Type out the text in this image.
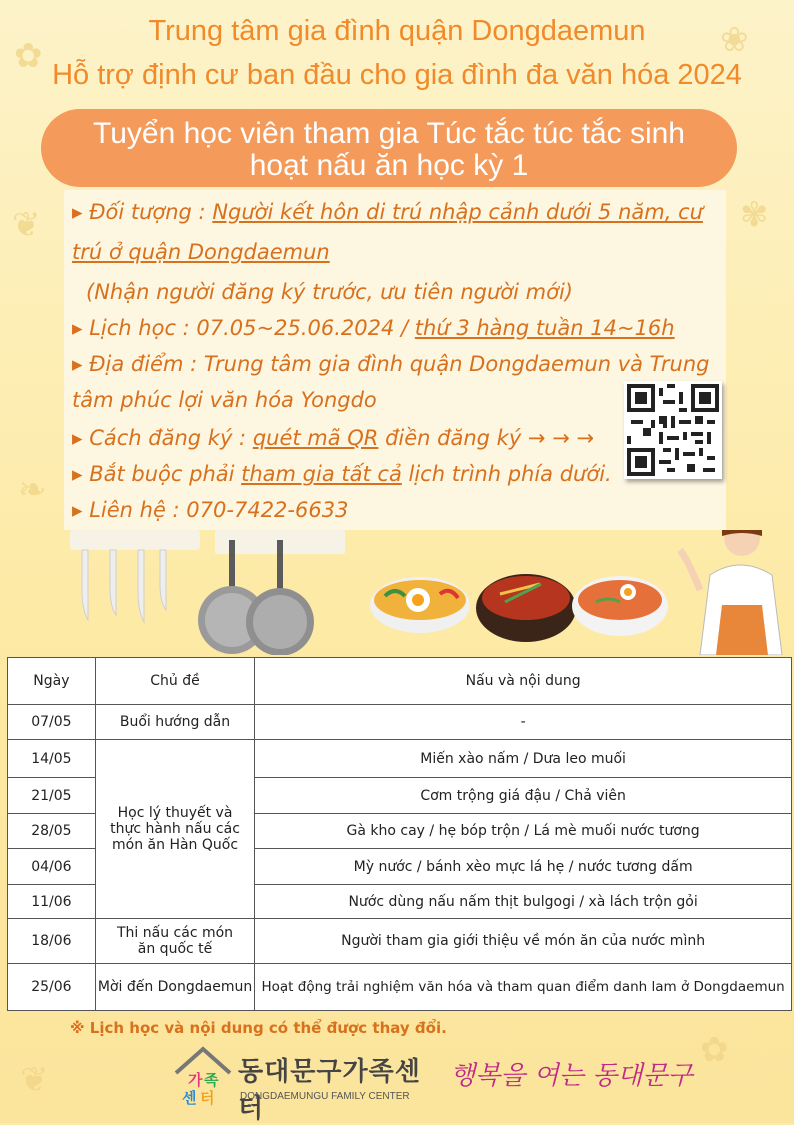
✿	❀
❦	✾
❧
❦
✿
Trung tâm gia đình quận Dongdaemun
Hỗ trợ định cư ban đầu cho gia đình đa văn hóa 2024
Tuyển học viên tham gia Túc tắc túc tắc sinh
hoạt nấu ăn học kỳ 1

▸ Đối tượng : Người kết hôn di trú nhập cảnh dưới 5 năm, cư

trú ở quận Dongdaemun

(Nhận người đăng ký trước, ưu tiên người mới)

▸ Lịch học : 07.05~25.06.2024 / thứ 3 hàng tuần 14~16h

▸ Địa điểm : Trung tâm gia đình quận Dongdaemun và Trung

tâm phúc lợi văn hóa Yongdo

▸ Cách đăng ký : quét mã QR điền đăng ký → → →

▸ Bắt buộc phải tham gia tất cả lịch trình phía dưới.

▸ Liên hệ : 070-7422-6633

Ngày	Chủ đề	Nấu và nội dung
07/05	Buổi hướng dẫn	-
14/05	Học lý thuyết và thực hành nấu các món ăn Hàn Quốc	Miến xào nấm / Dưa leo muối
21/05		Cơm trộng giá đậu / Chả viên
28/05		Gà kho cay / hẹ bóp trộn / Lá mè muối nước tương
04/06		Mỳ nước / bánh xèo mực lá hẹ / nước tương dấm
11/06		Nước dùng nấu nấm thịt bulgogi / xà lách trộn gỏi
18/06	Thi nấu các món ăn quốc tế	Người tham gia giới thiệu về món ăn của nước mình
25/06	Mời đến Dongdaemun	Hoạt động trải nghiệm văn hóa và tham quan điểm danh lam ở Dongdaemun
※ Lịch học và nội dung có thể được thay đổi.
가 족
센 터
동대문구가족센터
DONGDAEMUNGU FAMILY CENTER
행복을 여는 동대문구
